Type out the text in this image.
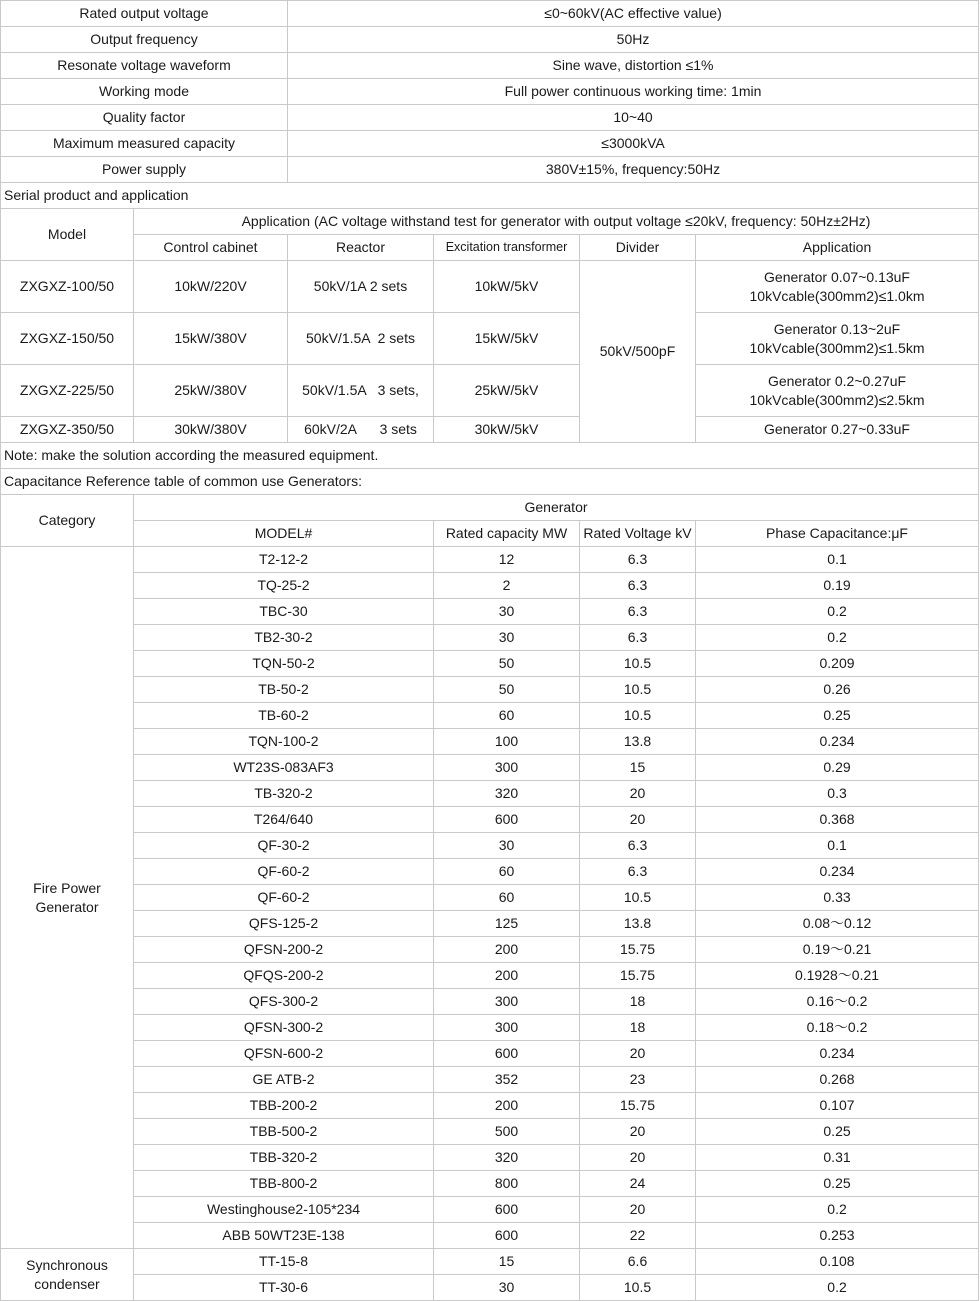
Rated output voltage		≤0~60kV(AC effective value)			
Output frequency		50Hz			
Resonate voltage waveform		Sine wave, distortion ≤1%			
Working mode		Full power continuous working time: 1min			
Quality factor		10~40			
Maximum measured capacity		≤3000kVA			
Power supply		380V±15%, frequency:50Hz			
Serial product and application					
Model	Application (AC voltage withstand test for generator with output voltage ≤20kV, frequency: 50Hz±2Hz)				
	Control cabinet	Reactor	Excitation transformer	Divider	Application
ZXGXZ-100/50	10kW/220V	50kV/1A 2 sets	10kW/5kV	50kV/500pF	Generator 0.07~0.13uF
10kVcable(300mm2)≤1.0km

ZXGXZ-150/50	15kW/380V	50kV/1.5A  2 sets	15kW/5kV		Generator 0.13~2uF
10kVcable(300mm2)≤1.5km

ZXGXZ-225/50	25kW/380V	50kV/1.5A   3 sets,	25kW/5kV		Generator 0.2~0.27uF
10kVcable(300mm2)≤2.5km

ZXGXZ-350/50	30kW/380V	60kV/2A      3 sets	30kW/5kV		Generator 0.27~0.33uF

Note: make the solution according the measured equipment.					
Capacitance Reference table of common use Generators:					
Category	Generator				
	MODEL#		Rated capacity MW	Rated Voltage kV	Phase Capacitance:μF
Fire Power Generator	T2-12-2		12	6.3	0.1
	TQ-25-2		2	6.3	0.19
	TBC-30		30	6.3	0.2
	TB2-30-2		30	6.3	0.2
	TQN-50-2		50	10.5	0.209
	TB-50-2		50	10.5	0.26
	TB-60-2		60	10.5	0.25
	TQN-100-2		100	13.8	0.234
	WT23S-083AF3		300	15	0.29
	TB-320-2		320	20	0.3
	T264/640		600	20	0.368
	QF-30-2		30	6.3	0.1
	QF-60-2		60	6.3	0.234
	QF-60-2		60	10.5	0.33
	QFS-125-2		125	13.8	0.08～0.12
	QFSN-200-2		200	15.75	0.19～0.21
	QFQS-200-2		200	15.75	0.1928～0.21
	QFS-300-2		300	18	0.16～0.2
	QFSN-300-2		300	18	0.18～0.2
	QFSN-600-2		600	20	0.234
	GE ATB-2		352	23	0.268
	TBB-200-2		200	15.75	0.107
	TBB-500-2		500	20	0.25
	TBB-320-2		320	20	0.31
	TBB-800-2		800	24	0.25
	Westinghouse2-105*234		600	20	0.2
	ABB 50WT23E-138		600	22	0.253
Synchronous condenser	TT-15-8		15	6.6	0.108
	TT-30-6		30	10.5	0.2
